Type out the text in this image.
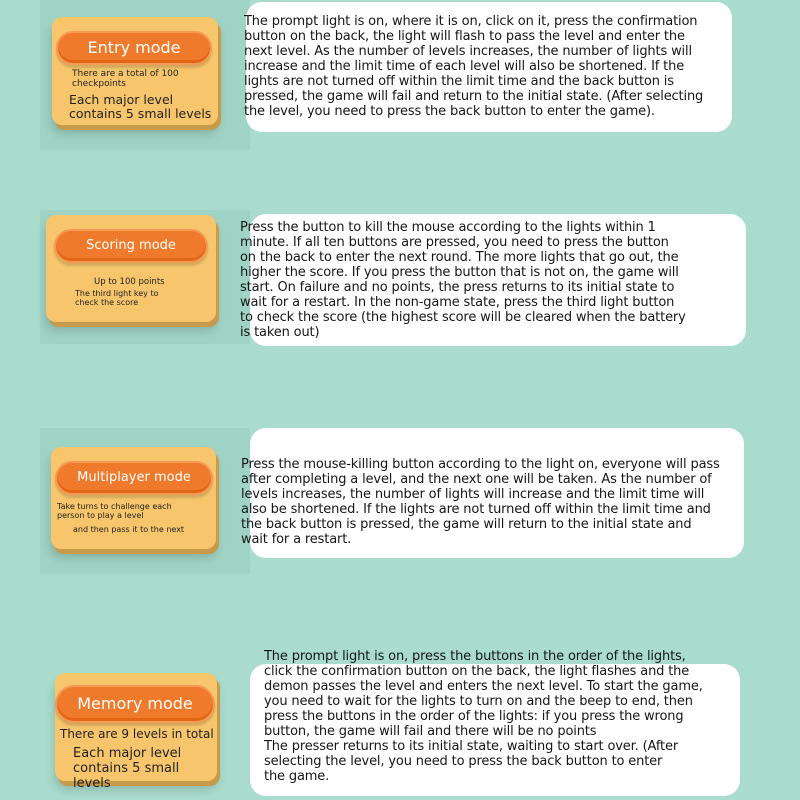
Entry mode
There are a total of 100
checkpoints
Each major level
contains 5 small levels
The prompt light is on, where it is on, click on it, press the confirmation
button on the back, the light will flash to pass the level and enter the
next level. As the number of levels increases, the number of lights will
increase and the limit time of each level will also be shortened. If the
lights are not turned off within the limit time and the back button is
pressed, the game will fail and return to the initial state. (After selecting
the level, you need to press the back button to enter the game).
Scoring mode
Up to 100 points
The third light key to
check the score
Press the button to kill the mouse according to the lights within 1
minute. If all ten buttons are pressed, you need to press the button
on the back to enter the next round. The more lights that go out, the
higher the score. If you press the button that is not on, the game will
start. On failure and no points, the press returns to its initial state to
wait for a restart. In the non-game state, press the third light button
to check the score (the highest score will be cleared when the battery
is taken out)
Multiplayer mode
Take turns to challenge each
person to play a level
and then pass it to the next
Press the mouse-killing button according to the light on, everyone will pass
after completing a level, and the next one will be taken. As the number of
levels increases, the number of lights will increase and the limit time will
also be shortened. If the lights are not turned off within the limit time and
the back button is pressed, the game will return to the initial state and
wait for a restart.
Memory mode
There are 9 levels in total
Each major level
contains 5 small levels
The prompt light is on, press the buttons in the order of the lights,
click the confirmation button on the back, the light flashes and the
demon passes the level and enters the next level. To start the game,
you need to wait for the lights to turn on and the beep to end, then
press the buttons in the order of the lights: if you press the wrong
button, the game will fail and there will be no points
The presser returns to its initial state, waiting to start over. (After
selecting the level, you need to press the back button to enter
the game.
